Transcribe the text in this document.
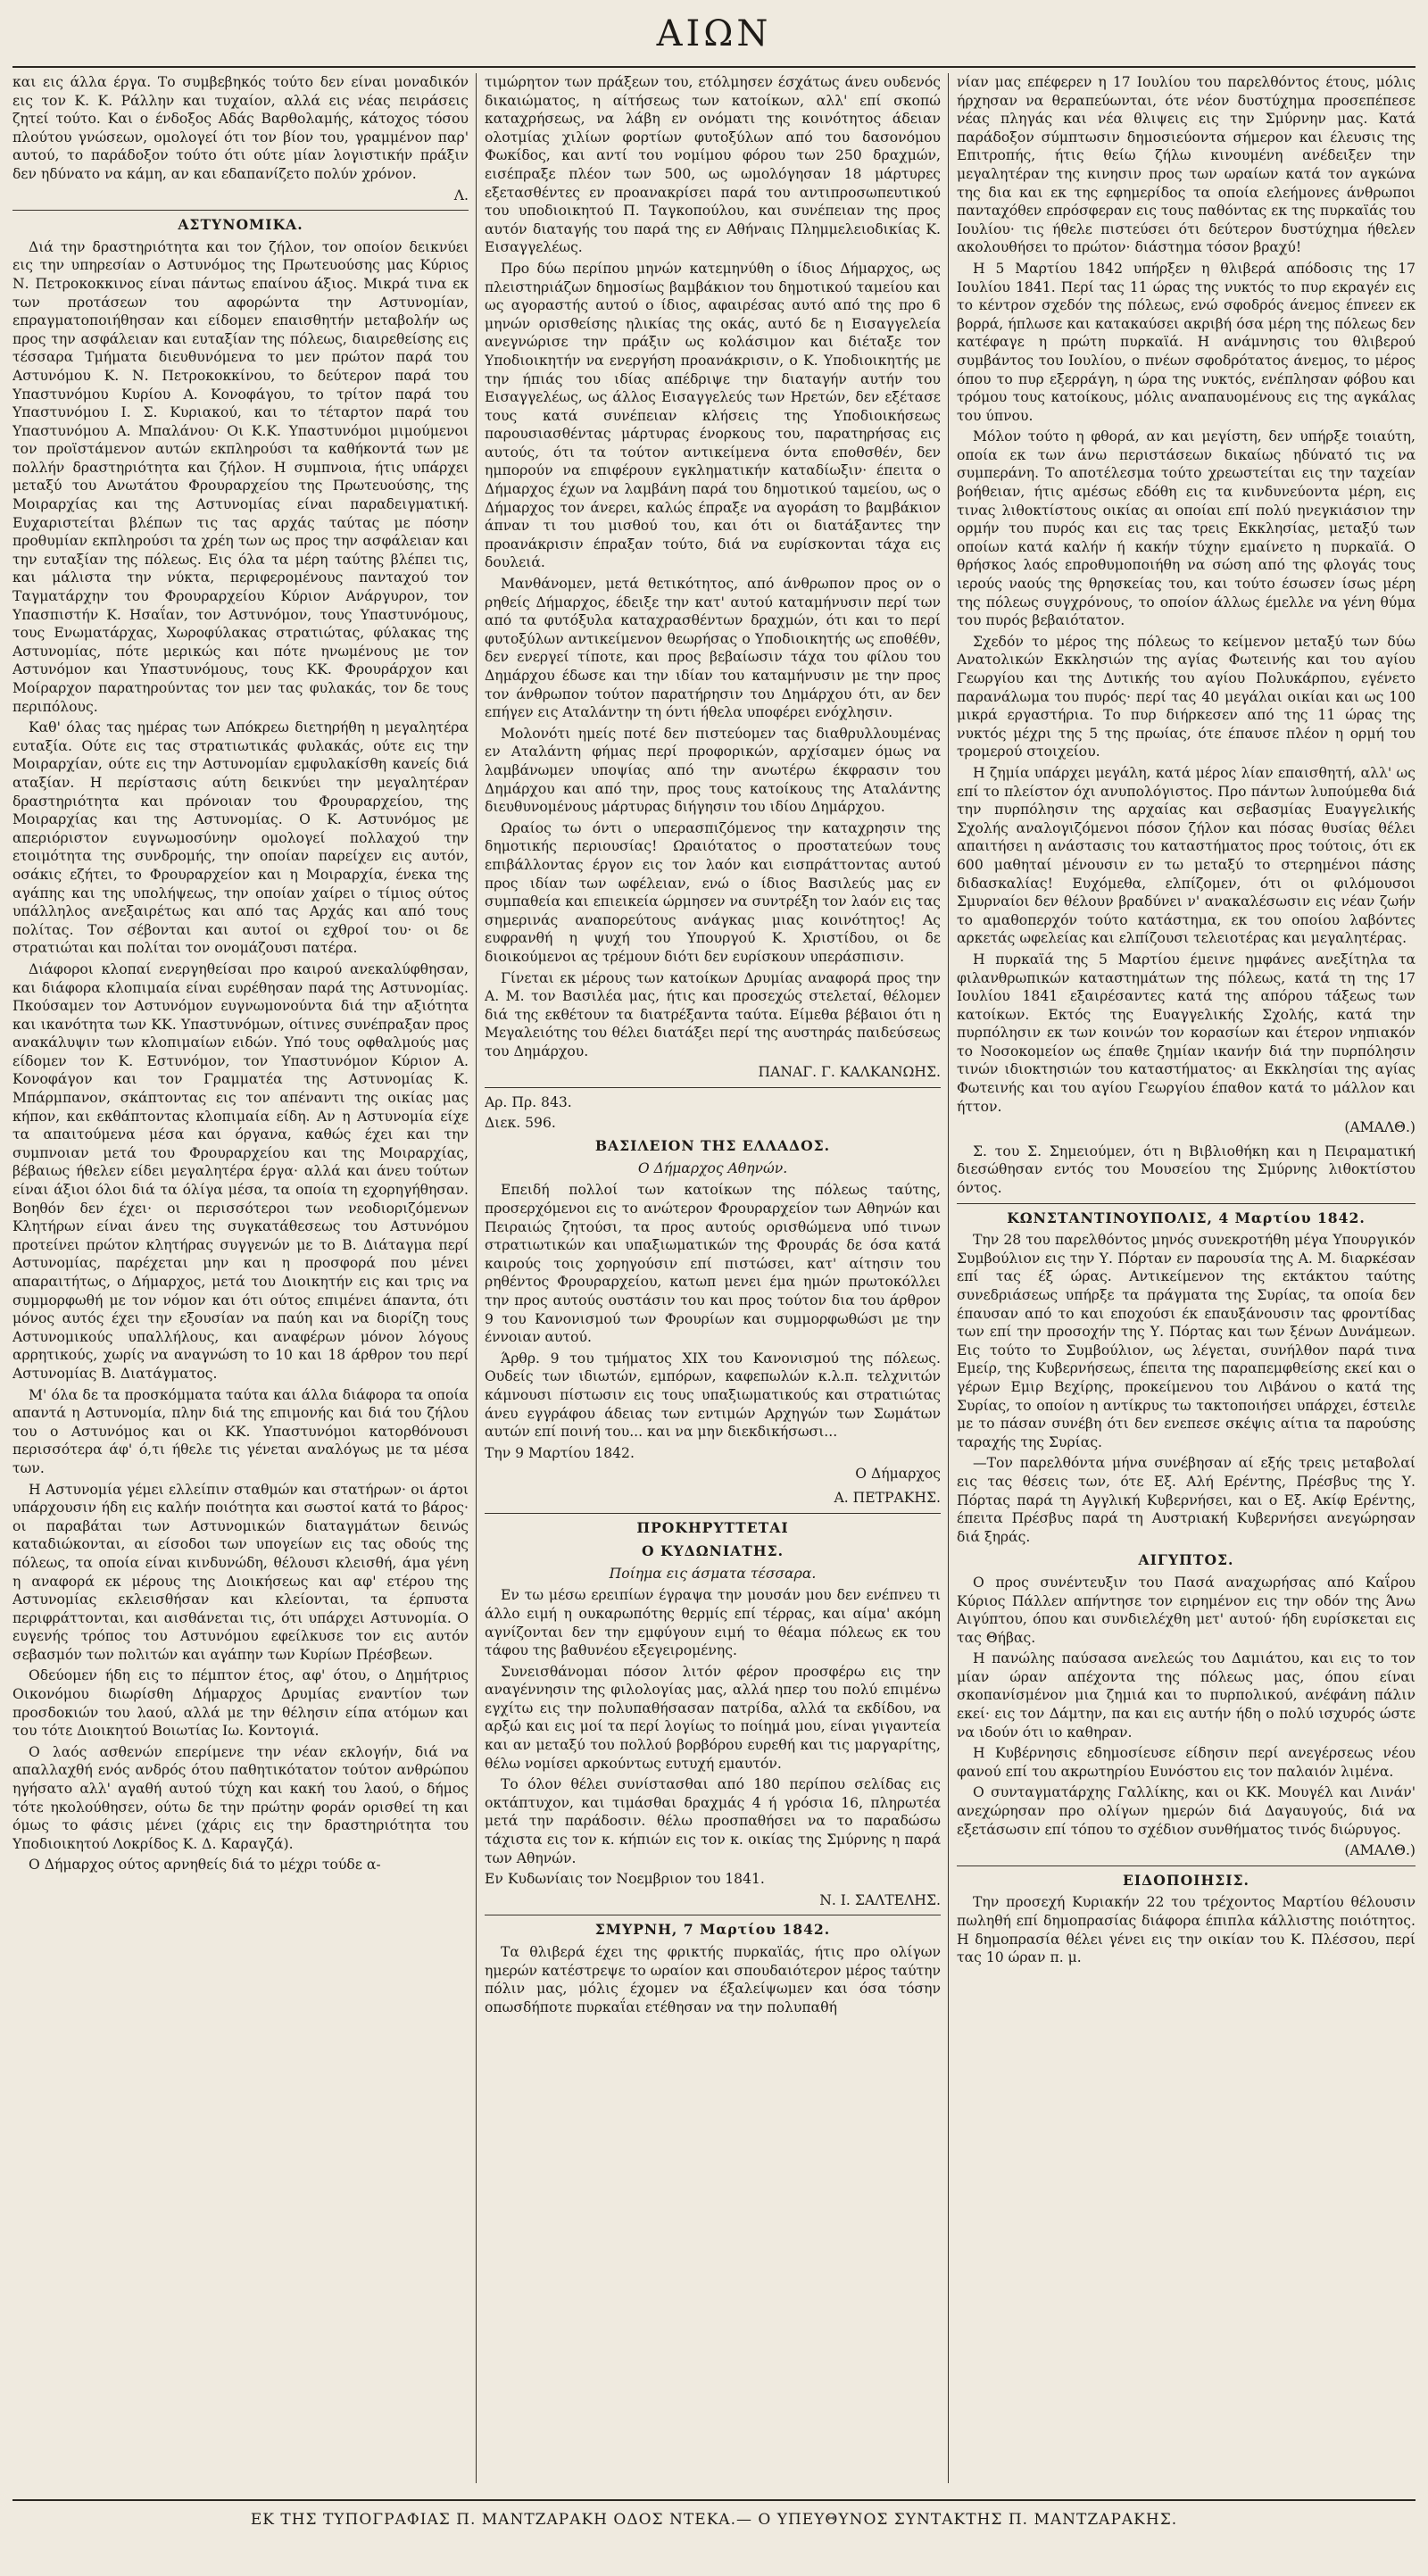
ΑΙΩΝ

και εις άλλα έργα. Το συμβεβηκός τούτο δεν είναι μοναδικόν εις τον Κ. Κ. Ράλλην και τυχαίον, αλλά εις νέας πειράσεις ζητεί τούτο. Και ο ένδοξος Αδάς Βαρθολαμής, κάτοχος τόσου πλούτου γνώσεων, ομολογεί ότι τον βίον του, γραμμένον παρ' αυτού, το παράδοξον τούτο ότι ούτε μίαν λογιστικήν πράξιν δεν ηδύνατο να κάμη, αν και εδαπανίζετο πολύν χρόνον.

Λ.

ΑΣΤΥΝΟΜΙΚΑ.

Διά την δραστηριότητα και τον ζήλον, τον οποίον δεικνύει εις την υπηρεσίαν ο Αστυνόμος της Πρωτευούσης μας Κύριος Ν. Πετροκοκκινος είναι πάντως επαίνου άξιος. Μικρά τινα εκ των προτάσεων του αφορώντα την Αστυνομίαν, επραγματοποιήθησαν και είδομεν επαισθητήν μεταβολήν ως προς την ασφάλειαν και ευταξίαν της πόλεως, διαιρεθείσης εις τέσσαρα Τμήματα διευθυνόμενα το μεν πρώτον παρά του Αστυνόμου Κ. Ν. Πετροκοκκίνου, το δεύτερον παρά του Υπαστυνόμου Κυρίου Α. Κονοφάγου, το τρίτον παρά του Υπαστυνόμου Ι. Σ. Κυριακού, και το τέταρτον παρά του Υπαστυνόμου Α. Μπαλάνου· Οι Κ.Κ. Υπαστυνόμοι μιμούμενοι τον προϊστάμενον αυτών εκπληρούσι τα καθήκοντά των με πολλήν δραστηριότητα και ζήλον. Η συμπνοια, ήτις υπάρχει μεταξύ του Ανωτάτου Φρουραρχείου της Πρωτευούσης, της Μοιραρχίας και της Αστυνομίας είναι παραδειγματική. Ευχαριστείται βλέπων τις τας αρχάς ταύτας με πόσην προθυμίαν εκπληρούσι τα χρέη των ως προς την ασφάλειαν και την ευταξίαν της πόλεως. Εις όλα τα μέρη ταύτης βλέπει τις, και μάλιστα την νύκτα, περιφερομένους πανταχού τον Ταγματάρχην του Φρουραρχείου Κύριον Ανάργυρον, τον Υπασπιστήν Κ. Ησαΐαν, τον Αστυνόμον, τους Υπαστυνόμους, τους Ενωματάρχας, Χωροφύλακας στρατιώτας, φύλακας της Αστυνομίας, πότε μερικώς και πότε ηνωμένους με τον Αστυνόμον και Υπαστυνόμους, τους ΚΚ. Φρουράρχον και Μοίραρχον παρατηρούντας τον μεν τας φυλακάς, τον δε τους περιπόλους.

Καθ' όλας τας ημέρας των Απόκρεω διετηρήθη η μεγαλητέρα ευταξία. Ούτε εις τας στρατιωτικάς φυλακάς, ούτε εις την Μοιραρχίαν, ούτε εις την Αστυνομίαν εμφυλακίσθη κανείς διά αταξίαν. Η περίστασις αύτη δεικνύει την μεγαλητέραν δραστηριότητα και πρόνοιαν του Φρουραρχείου, της Μοιραρχίας και της Αστυνομίας. Ο Κ. Αστυνόμος με απεριόριστον ευγνωμοσύνην ομολογεί πολλαχού την ετοιμότητα της συνδρομής, την οποίαν παρείχεν εις αυτόν, οσάκις εζήτει, το Φρουραρχείον και η Μοιραρχία, ένεκα της αγάπης και της υπολήψεως, την οποίαν χαίρει ο τίμιος ούτος υπάλληλος ανεξαιρέτως και από τας Αρχάς και από τους πολίτας. Τον σέβονται και αυτοί οι εχθροί του· οι δε στρατιώται και πολίται τον ονομάζουσι πατέρα.

Διάφοροι κλοπαί ενεργηθείσαι προ καιρού ανεκαλύφθησαν, και διάφορα κλοπιμαία είναι ευρέθησαν παρά της Αστυνομίας. Πκούσαμεν τον Αστυνόμον ευγνωμονούντα διά την αξιότητα και ικανότητα των ΚΚ. Υπαστυνόμων, οίτινες συνέπραξαν προς ανακάλυψιν των κλοπιμαίων ειδών. Υπό τους οφθαλμούς μας είδομεν τον Κ. Εστυνόμον, τον Υπαστυνόμον Κύριον Α. Κονοφάγον και τον Γραμματέα της Αστυνομίας Κ. Μπάρμπανον, σκάπτοντας εις τον απέναντι της οικίας μας κήπον, και εκθάπτοντας κλοπιμαία είδη. Αν η Αστυνομία είχε τα απαιτούμενα μέσα και όργανα, καθώς έχει και την συμπνοιαν μετά του Φρουραρχείου και της Μοιραρχίας, βέβαιως ήθελεν είδει μεγαλητέρα έργα· αλλά και άνευ τούτων είναι άξιοι όλοι διά τα όλίγα μέσα, τα οποία τη εχορηγήθησαν. Βοηθόν δεν έχει· οι περισσότεροι των νεοδιοριζόμενων Κλητήρων είναι άνευ της συγκατάθεσεως του Αστυνόμου προτείνει πρώτον κλητήρας συγγενών με το Β. Διάταγμα περί Αστυνομίας, παρέχεται μην και η προσφορά που μένει απαραιτήτως, ο Δήμαρχος, μετά του Διοικητήν εις και τρις να συμμορφωθή με τον νόμον και ότι ούτος επιμένει άπαντα, ότι μόνος αυτός έχει την εξουσίαν να παύη και να διορίζη τους Αστυνομικούς υπαλλήλους, και αναφέρων μόνον λόγους αρρητικούς, χωρίς να αναγνώση το 10 και 18 άρθρον του περί Αστυνομίας Β. Διατάγματος.

Μ' όλα δε τα προσκόμματα ταύτα και άλλα διάφορα τα οποία απαντά η Αστυνομία, πλην διά της επιμονής και διά του ζήλου του ο Αστυνόμος και οι ΚΚ. Υπαστυνόμοι κατορθόνουσι περισσότερα άφ' ό,τι ήθελε τις γένεται αναλόγως με τα μέσα των.

Η Αστυνομία γέμει ελλείπιν σταθμών και στατήρων· οι άρτοι υπάρχουσιν ήδη εις καλήν ποιότητα και σωστοί κατά το βάρος· οι παραβάται των Αστυνομικών διαταγμάτων δεινώς καταδιώκονται, αι είσοδοι των υπογείων εις τας οδούς της πόλεως, τα οποία είναι κινδυνώδη, θέλουσι κλεισθή, άμα γένη η αναφορά εκ μέρους της Διοικήσεως και αφ' ετέρου της Αστυνομίας εκλεισθήσαν και κλείονται, τα έρπυστα περιφράττονται, και αισθάνεται τις, ότι υπάρχει Αστυνομία. Ο ευγενής τρόπος του Αστυνόμου εφείλκυσε τον εις αυτόν σεβασμόν των πολιτών και αγάπην των Κυρίων Πρέσβεων.

Οδεύομεν ήδη εις το πέμπτον έτος, αφ' ότου, ο Δημήτριος Οικονόμου διωρίσθη Δήμαρχος Δρυμίας εναντίον των προσδοκιών του λαού, αλλά με την θέλησιν είπα ατόμων και του τότε Διοικητού Βοιωτίας Ιω. Κοντογιά.

Ο λαός ασθενών επερίμενε την νέαν εκλογήν, διά να απαλλαχθή ενός ανδρός ότου παθητικότατον τούτον ανθρώπου ηγήσατο αλλ' αγαθή αυτού τύχη και κακή του λαού, ο δήμος τότε ηκολούθησεν, ούτω δε την πρώτην φοράν ορισθεί τη και όμως το φάσις μένει (χάρις εις την δραστηριότητα του Υποδιοικητού Λοκρίδος Κ. Δ. Καραγζά).

Ο Δήμαρχος ούτος αρνηθείς διά το μέχρι τούδε α-

τιμώρητον των πράξεων του, ετόλμησεν έσχάτως άνευ ουδενός δικαιώματος, η αίτήσεως των κατοίκων, αλλ' επί σκοπώ καταχρήσεως, να λάβη εν ονόματι της κοινότητος άδειαν ολοτμίας χιλίων φορτίων φυτοξύλων από του δασονόμου Φωκίδος, και αντί του νομίμου φόρου των 250 δραχμών, εισέπραξε πλέον των 500, ως ωμολόγησαν 18 μάρτυρες εξετασθέντες εν προανακρίσει παρά του αντιπροσωπευτικού του υποδιοικητού Π. Ταγκοπούλου, και συνέπειαν της προς αυτόν διαταγής του παρά της εν Αθήναις Πλημμελειοδικίας Κ. Εισαγγελέως.

Προ δύω περίπου μηνών κατεμηνύθη ο ίδιος Δήμαρχος, ως πλειστηριάζων δημοσίως βαμβάκιον του δημοτικού ταμείου και ως αγοραστής αυτού ο ίδιος, αφαιρέσας αυτό από της προ 6 μηνών ορισθείσης ηλικίας της οκάς, αυτό δε η Εισαγγελεία ανεγνώρισε την πράξιν ως κολάσιμον και διέταξε τον Υποδιοικητήν να ενεργήση προανάκρισιν, ο Κ. Υποδιοικητής με την ήπιάς του ιδίας απέδριψε την διαταγήν αυτήν του Εισαγγελέως, ως άλλος Εισαγγελεύς των Ηρετών, δεν εξέτασε τους κατά συνέπειαν κλήσεις της Υποδιοικήσεως παρουσιασθέντας μάρτυρας ένορκους του, παρατηρήσας εις αυτούς, ότι τα τούτον αντικείμενα όντα εποθσθέν, δεν ημπορούν να επιφέρουν εγκληματικήν καταδίωξιν· έπειτα ο Δήμαρχος έχων να λαμβάνη παρά του δημοτικού ταμείου, ως ο Δήμαρχος τον άνερει, καλώς έπραξε να αγοράση το βαμβάκιον άπναν τι του μισθού του, και ότι οι διατάξαντες την προανάκρισιν έπραξαν τούτο, διά να ευρίσκονται τάχα εις δουλειά.

Μανθάνομεν, μετά θετικότητος, από άνθρωπον προς ον ο ρηθείς Δήμαρχος, έδειξε την κατ' αυτού καταμήνυσιν περί των από τα φυτόξυλα καταχρασθέντων δραχμών, ότι και το περί φυτοξύλων αντικείμενον θεωρήσας ο Υποδιοικητής ως εποθέθν, δεν ενεργεί τίποτε, και προς βεβαίωσιν τάχα του φίλου του Δημάρχου έδωσε και την ιδίαν του καταμήνυσιν με την προς τον άνθρωπον τούτον παρατήρησιν του Δημάρχου ότι, αν δεν επήγεν εις Αταλάντην τη όντι ήθελα υποφέρει ενόχλησιν.

Μολονότι ημείς ποτέ δεν πιστεύομεν τας διαθρυλλουμένας εν Αταλάντη φήμας περί προφορικών, αρχίσαμεν όμως να λαμβάνωμεν υποψίας από την ανωτέρω έκφρασιν του Δημάρχου και από την, προς τους κατοίκους της Αταλάντης διευθυνομένους μάρτυρας διήγησιν του ιδίου Δημάρχου.

Ωραίος τω όντι ο υπερασπιζόμενος την καταχρησιν της δημοτικής περιουσίας! Ωραιότατος ο προστατεύων τους επιβάλλοντας έργον εις τον λαόν και εισπράττοντας αυτού προς ιδίαν των ωφέλειαν, ενώ ο ίδιος Βασιλεύς μας εν συμπαθεία και επιεικεία ώρμησεν να συντρέξη τον λαόν εις τας σημερινάς αναπορεύτους ανάγκας μιας κοινότητος! Ας ευφρανθή η ψυχή του Υπουργού Κ. Χριστίδου, οι δε διοικούμενοι ας τρέμουν διότι δεν ευρίσκουν υπεράσπισιν.

Γίνεται εκ μέρους των κατοίκων Δρυμίας αναφορά προς την Α. Μ. τον Βασιλέα μας, ήτις και προσεχώς στελεταί, θέλομεν διά της εκθέτουν τα διατρέξαντα ταύτα. Είμεθα βέβαιοι ότι η Μεγαλειότης του θέλει διατάξει περί της αυστηράς παιδεύσεως του Δημάρχου.

ΠΑΝΑΓ. Γ. ΚΑΛΚΑΝΩΗΣ.

Αρ. Πρ. 843.

Διεκ. 596.

ΒΑΣΙΛΕΙΟΝ ΤΗΣ ΕΛΛΑΔΟΣ.

Ο Δήμαρχος Αθηνών.

Επειδή πολλοί των κατοίκων της πόλεως ταύτης, προσερχόμενοι εις το ανώτερον Φρουραρχείον των Αθηνών και Πειραιώς ζητούσι, τα προς αυτούς ορισθώμενα υπό τινων στρατιωτικών και υπαξιωματικών της Φρουράς δε όσα κατά καιρούς τοις χορηγούσιν επί πιστώσει, κατ' αίτησιν του ρηθέντος Φρουραρχείου, κατωπ μενει έμα ημών πρωτοκόλλει την προς αυτούς ουστάσιν του και προς τούτον δια του άρθρον 9 του Κανονισμού των Φρουρίων και συμμορφωθώσι με την έννοιαν αυτού.

Άρθρ. 9 του τμήματος XIX του Κανονισμού της πόλεως. Ουδείς των ιδιωτών, εμπόρων, καφεπωλών κ.λ.π. τελχνιτών κάμνουσι πίστωσιν εις τους υπαξιωματικούς και στρατιώτας άνευ εγγράφου άδειας των εντιμών Αρχηγών των Σωμάτων αυτών επί ποινή του... και να μην διεκδικήσωσι...

Την 9 Μαρτίου 1842.

Ο Δήμαρχος

Α. ΠΕΤΡΑΚΗΣ.

ΠΡΟΚΗΡΥΤΤΕΤΑΙ

Ο ΚΥΔΩΝΙΑΤΗΣ.

Ποίημα εις άσματα τέσσαρα.

Εν τω μέσω ερειπίων έγραψα την μουσάν μου δεν ενέπνευ τι άλλο ειμή η ουκαρωπότης θερμίς επί τέρρας, και αίμα' ακόμη αγνίζονται δεν την εμφύγουν ειμή το θέαμα πόλεως εκ του τάφου της βαθυνέου εξεγειρομένης.

Συνεισθάνομαι πόσον λιτόν φέρον προσφέρω εις την αναγέννησιν της φιλολογίας μας, αλλά ηπερ του πολύ επιμένω εγχίτω εις την πολυπαθήσασαν πατρίδα, αλλά τα εκδίδου, να αρξώ και εις μοί τα περί λογίως το ποίημά μου, είναι γιγαντεία και αν μεταξύ του πολλού βορβόρου ευρεθή και τις μαργαρίτης, θέλω νομίσει αρκούντως ευτυχή εμαυτόν.

Το όλον θέλει συνίστασθαι από 180 περίπου σελίδας εις οκτάπτυχον, και τιμάσθαι δραχμάς 4 ή γρόσια 16, πληρωτέα μετά την παράδοσιν. θέλω προσπαθήσει να το παραδώσω τάχιστα εις τον κ. κήπιών εις τον κ. οικίας της Σμύρνης η παρά των Αθηνών.

Εν Κυδωνίαις τον Νοεμβριον του 1841.

Ν. Ι. ΣΑΛΤΕΛΗΣ.

ΣΜΥΡΝΗ, 7 Μαρτίου 1842.

Τα θλιβερά έχει της φρικτής πυρκαϊάς, ήτις προ ολίγων ημερών κατέστρεψε το ωραίον και σπουδαιότερον μέρος ταύτην πόλιν μας, μόλις έχομεν να έξαλείψωμεν και όσα τόσην οπωσδήποτε πυρκαΐαι ετέθησαν να την πολυπαθή

νίαν μας επέφερεν η 17 Ιουλίου του παρελθόντος έτους, μόλις ήρχησαν να θεραπεύωνται, ότε νέον δυστύχημα προσεπέπεσε νέας πληγάς και νέα θλιψεις εις την Σμύρνην μας. Κατά παράδοξον σύμπτωσιν δημοσιεύοντα σήμερον και έλευσις της Επιτροπής, ήτις θείω ζήλω κινουμένη ανέδειξεν την μεγαλητέραν της κινησιν προς των ωραίων κατά τον αγκώνα της δια και εκ της εφημερίδος τα οποία ελεήμονες άνθρωποι πανταχόθεν επρόσφεραν εις τους παθόντας εκ της πυρκαϊάς του Ιουλίου· τις ήθελε πιστεύσει ότι δεύτερον δυστύχημα ήθελεν ακολουθήσει το πρώτον· διάστημα τόσον βραχύ!

Η 5 Μαρτίου 1842 υπήρξεν η θλιβερά απόδοσις της 17 Ιουλίου 1841. Περί τας 11 ώρας της νυκτός το πυρ εκραγέν εις το κέντρον σχεδόν της πόλεως, ενώ σφοδρός άνεμος έπνεεν εκ βορρά, ήπλωσε και κατακαύσει ακριβή όσα μέρη της πόλεως δεν κατέφαγε η πρώτη πυρκαϊά. Η ανάμνησις του θλιβερού συμβάντος του Ιουλίου, ο πνέων σφοδρότατος άνεμος, το μέρος όπου το πυρ εξερράγη, η ώρα της νυκτός, ενέπλησαν φόβου και τρόμου τους κατοίκους, μόλις αναπαυομένους εις της αγκάλας του ύπνου.

Μόλον τούτο η φθορά, αν και μεγίστη, δεν υπήρξε τοιαύτη, οποία εκ των άνω περιστάσεων δικαίως ηδύνατό τις να συμπεράνη. Το αποτέλεσμα τούτο χρεωστείται εις την ταχείαν βοήθειαν, ήτις αμέσως εδόθη εις τα κινδυνεύοντα μέρη, εις τινας λιθοκτίστους οικίας αι οποίαι επί πολύ ηνεγκιάσιον την ορμήν του πυρός και εις τας τρεις Εκκλησίας, μεταξύ των οποίων κατά καλήν ή κακήν τύχην εμαίνετο η πυρκαϊά. Ο θρήσκος λαός επροθυμοποιήθη να σώση από της φλογάς τους ιερούς ναούς της θρησκείας του, και τούτο έσωσεν ίσως μέρη της πόλεως συγχρόνους, το οποίον άλλως έμελλε να γένη θύμα του πυρός βεβαιότατον.

Σχεδόν το μέρος της πόλεως το κείμενον μεταξύ των δύω Ανατολικών Εκκλησιών της αγίας Φωτεινής και του αγίου Γεωργίου και της Δυτικής του αγίου Πολυκάρπου, εγένετο παρανάλωμα του πυρός· περί τας 40 μεγάλαι οικίαι και ως 100 μικρά εργαστήρια. Το πυρ διήρκεσεν από της 11 ώρας της νυκτός μέχρι της 5 της πρωίας, ότε έπαυσε πλέον η ορμή του τρομερού στοιχείου.

Η ζημία υπάρχει μεγάλη, κατά μέρος λίαν επαισθητή, αλλ' ως επί το πλείστον όχι ανυπολόγιστος. Προ πάντων λυπούμεθα διά την πυρπόλησιν της αρχαίας και σεβασμίας Ευαγγελικής Σχολής αναλογιζόμενοι πόσον ζήλον και πόσας θυσίας θέλει απαιτήσει η ανάστασις του καταστήματος προς τούτοις, ότι εκ 600 μαθηταί μένουσιν εν τω μεταξύ το στερημένοι πάσης διδασκαλίας! Ευχόμεθα, ελπίζομεν, ότι οι φιλόμουσοι Σμυρναίοι δεν θέλουν βραδύνει ν' ανακαλέσωσιν εις νέαν ζωήν το αμαθοπερχόν τούτο κατάστημα, εκ του οποίου λαβόντες αρκετάς ωφελείας και ελπίζουσι τελειοτέρας και μεγαλητέρας.

Η πυρκαϊά της 5 Μαρτίου έμεινε ημφάνες ανεξίτηλα τα φιλανθρωπικών καταστημάτων της πόλεως, κατά τη της 17 Ιουλίου 1841 εξαιρέσαντες κατά της απόρου τάξεως των κατοίκων. Εκτός της Ευαγγελικής Σχολής, κατά την πυρπόλησιν εκ των κοινών τον κορασίων και έτερον νηπιακόν το Νοσοκομείον ως έπαθε ζημίαν ικανήν διά την πυρπόλησιν τινών ιδιοκτησιών του καταστήματος· αι Εκκλησίαι της αγίας Φωτεινής και του αγίου Γεωργίου έπαθον κατά το μάλλον και ήττον.

(ΑΜΑΛΘ.)

Σ. του Σ. Σημειούμεν, ότι η Βιβλιοθήκη και η Πειραματική διεσώθησαν εντός του Μουσείου της Σμύρνης λιθοκτίστου όντος.

ΚΩΝΣΤΑΝΤΙΝΟΥΠΟΛΙΣ, 4 Μαρτίου 1842.

Την 28 του παρελθόντος μηνός συνεκροτήθη μέγα Υπουργικόν Συμβούλιον εις την Υ. Πόρταν εν παρουσία της Α. Μ. διαρκέσαν επί τας έξ ώρας. Αντικείμενον της εκτάκτου ταύτης συνεδριάσεως υπήρξε τα πράγματα της Συρίας, τα οποία δεν έπαυσαν από το και εποχούσι έκ επαυξάνουσιν τας φροντίδας των επί την προσοχήν της Υ. Πόρτας και των ξένων Δυνάμεων. Εις τούτο το Συμβούλιον, ως λέγεται, συνήλθον παρά τινα Εμείρ, της Κυβερνήσεως, έπειτα της παραπεμφθείσης εκεί και ο γέρων Εμιρ Βεχίρης, προκείμενου του Λιβάνου ο κατά της Συρίας, το οποίον η αντίκρυς τω τακτοποιήσει υπάρχει, έστειλε με το πάσαν συνέβη ότι δεν ενεπεσε σκέψις αίτια τα παρούσης ταραχής της Συρίας.

—Τον παρελθόντα μήνα συνέβησαν αί εξής τρεις μεταβολαί εις τας θέσεις των, ότε Εξ. Αλή Ερέντης, Πρέσβυς της Υ. Πόρτας παρά τη Αγγλική Κυβερνήσει, και ο Εξ. Ακίφ Ερέντης, έπειτα Πρέσβυς παρά τη Αυστριακή Κυβερνήσει ανεγώρησαν διά ξηράς.

ΑΙΓΥΠΤΟΣ.

Ο προς συνέντευξιν του Πασά αναχωρήσας από Καΐρου Κύριος Πάλλεν απήντησε τον ειρημένον εις την οδόν της Άνω Αιγύπτου, όπου και συνδιελέχθη μετ' αυτού· ήδη ευρίσκεται εις τας Θήβας.

Η πανώλης παύσασα ανελεώς του Δαμιάτου, και εις το τον μίαν ώραν απέχοντα της πόλεως μας, όπου είναι σκοπανίσμένον μια ζημιά και το πυρπολικού, ανέφάνη πάλιν εκεί· εις τον Δάμτην, πα και εις αυτήν ήδη ο πολύ ισχυρός ώστε να ιδούν ότι ιο καθηραν.

Η Κυβέρνησις εδημοσίευσε είδησιν περί ανεγέρσεως νέου φανού επί του ακρωτηρίου Ευνόστου εις τον παλαιόν λιμένα.

Ο συνταγματάρχης Γαλλίκης, και οι ΚΚ. Μουγέλ και Λινάν' ανεχώρησαν προ ολίγων ημερών διά Δαγαυγούς, διά να εξετάσωσιν επί τόπου το σχέδιον συνθήματος τινός διώρυγος.

(ΑΜΑΛΘ.)

ΕΙΔΟΠΟΙΗΣΙΣ.

Την προσεχή Κυριακήν 22 του τρέχοντος Μαρτίου θέλουσιν πωληθή επί δημοπρασίας διάφορα έπιπλα κάλλιστης ποιότητος. Η δημοπρασία θέλει γένει εις την οικίαν του Κ. Πλέσσου, περί τας 10 ώραν π. μ.

ΕΚ ΤΗΣ ΤΥΠΟΓΡΑΦΙΑΣ Π. ΜΑΝΤΖΑΡΑΚΗ ΟΔΟΣ ΝΤΕΚΑ.— Ο ΥΠΕΥΘΥΝΟΣ ΣΥΝΤΑΚΤΗΣ Π. ΜΑΝΤΖΑΡΑΚΗΣ.
